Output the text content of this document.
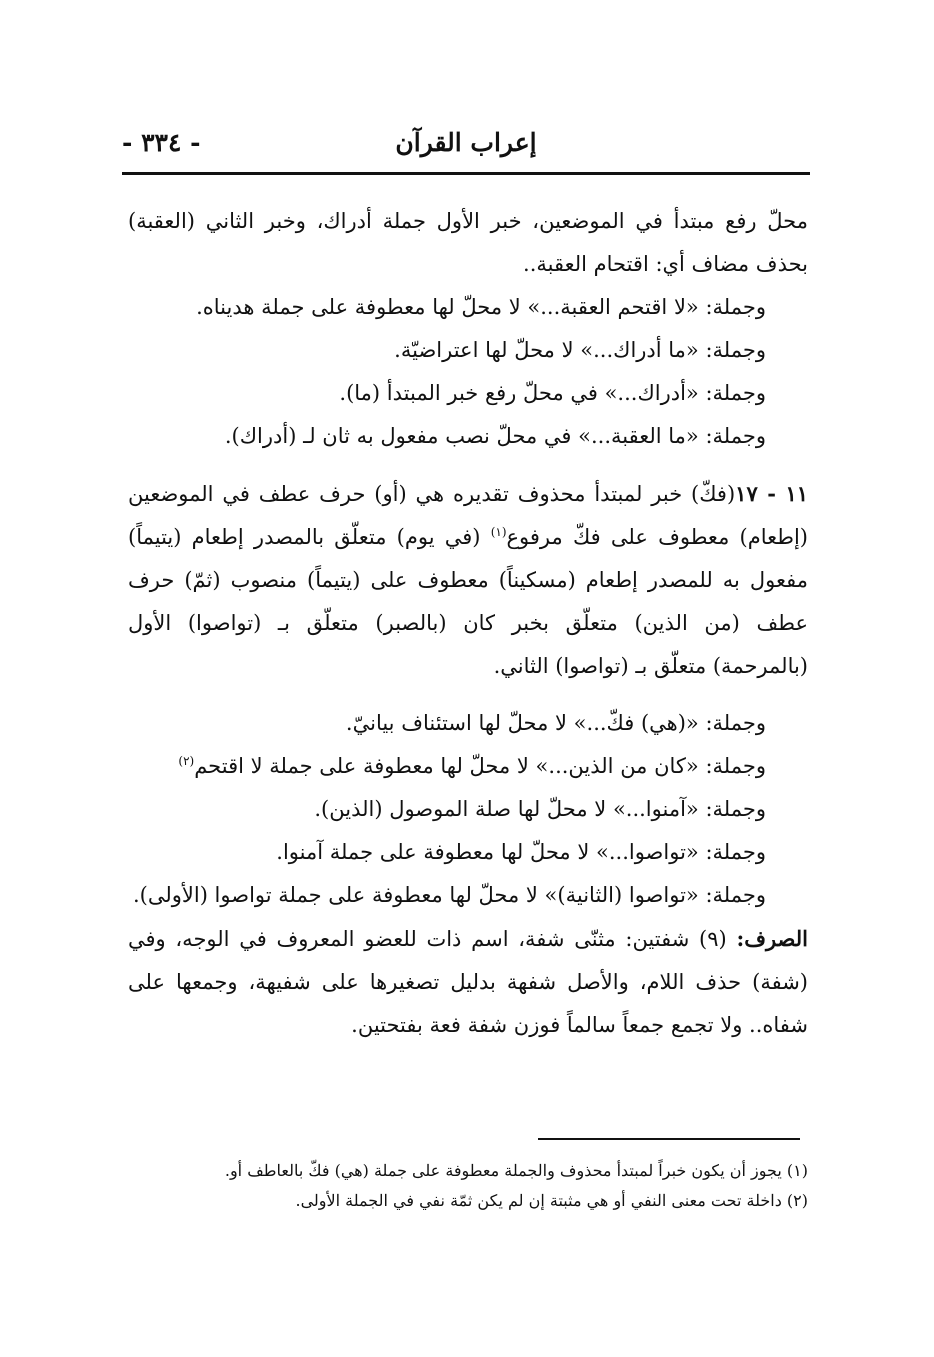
إعراب القرآن
- ٣٣٤ -

محلّ رفع مبتدأ في الموضعين، خبر الأول جملة أدراك، وخبر الثاني (العقبة) بحذف مضاف أي: اقتحام العقبة..

وجملة: «لا اقتحم العقبة...» لا محلّ لها معطوفة على جملة هديناه.

وجملة: «ما أدراك...» لا محلّ لها اعتراضيّة.

وجملة: «أدراك...» في محلّ رفع خبر المبتدأ (ما).

وجملة: «ما العقبة...» في محلّ نصب مفعول به ثان لـ (أدراك).

١١ - ١٧(فكّ) خبر لمبتدأ محذوف تقديره هي (أو) حرف عطف في الموضعين (إطعام) معطوف على فكّ مرفوع$^{(١)}$ (في يوم) متعلّق بالمصدر إطعام (يتيماً) مفعول به للمصدر إطعام (مسكيناً) معطوف على (يتيماً) منصوب (ثمّ) حرف عطف (من الذين) متعلّق بخبر كان (بالصبر) متعلّق بـ (تواصوا) الأول (بالمرحمة) متعلّق بـ (تواصوا) الثاني.

وجملة: «(هي) فكّ...» لا محلّ لها استئناف بيانيّ.

وجملة: «كان من الذين...» لا محلّ لها معطوفة على جملة لا اقتحم$^{(٢)}$

وجملة: «آمنوا...» لا محلّ لها صلة الموصول (الذين).

وجملة: «تواصوا...» لا محلّ لها معطوفة على جملة آمنوا.

وجملة: «تواصوا (الثانية)» لا محلّ لها معطوفة على جملة تواصوا (الأولى).

الصرف: (٩) شفتين: مثنّى شفة، اسم ذات للعضو المعروف في الوجه، وفي (شفة) حذف اللام، والأصل شفهة بدليل تصغيرها على شفيهة، وجمعها على شفاه.. ولا تجمع جمعاً سالماً فوزن شفة فعة بفتحتين.

(١) يجوز أن يكون خبراً لمبتدأ محذوف والجملة معطوفة على جملة (هي) فكّ بالعاطف أو.
(٢) داخلة تحت معنى النفي أو هي مثبتة إن لم يكن ثمّة نفي في الجملة الأولى.
